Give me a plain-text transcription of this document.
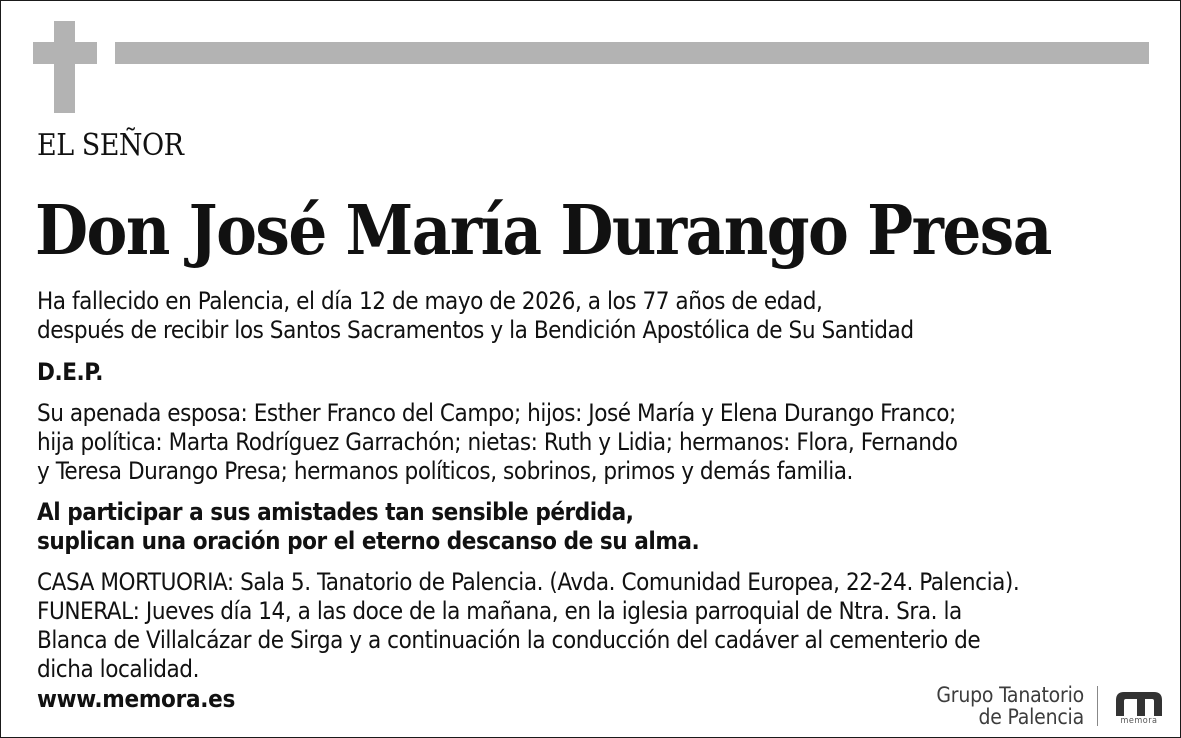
EL SEÑOR

Don José María Durango Presa

Ha fallecido en Palencia, el día 12 de mayo de 2026, a los 77 años de edad,

después de recibir los Santos Sacramentos y la Bendición Apostólica de Su Santidad

D.E.P.

Su apenada esposa: Esther Franco del Campo; hijos: José María y Elena Durango Franco;

hija política: Marta Rodríguez Garrachón; nietas: Ruth y Lidia; hermanos: Flora, Fernando

y Teresa Durango Presa; hermanos políticos, sobrinos, primos y demás familia.

Al participar a sus amistades tan sensible pérdida,

suplican una oración por el eterno descanso de su alma.

CASA MORTUORIA: Sala 5. Tanatorio de Palencia. (Avda. Comunidad Europea, 22-24. Palencia).

FUNERAL: Jueves día 14, a las doce de la mañana, en la iglesia parroquial de Ntra. Sra. la

Blanca de Villalcázar de Sirga y a continuación la conducción del cadáver al cementerio de

dicha localidad.

www.memora.es	Grupo Tanatorio
de Palencia	memora
